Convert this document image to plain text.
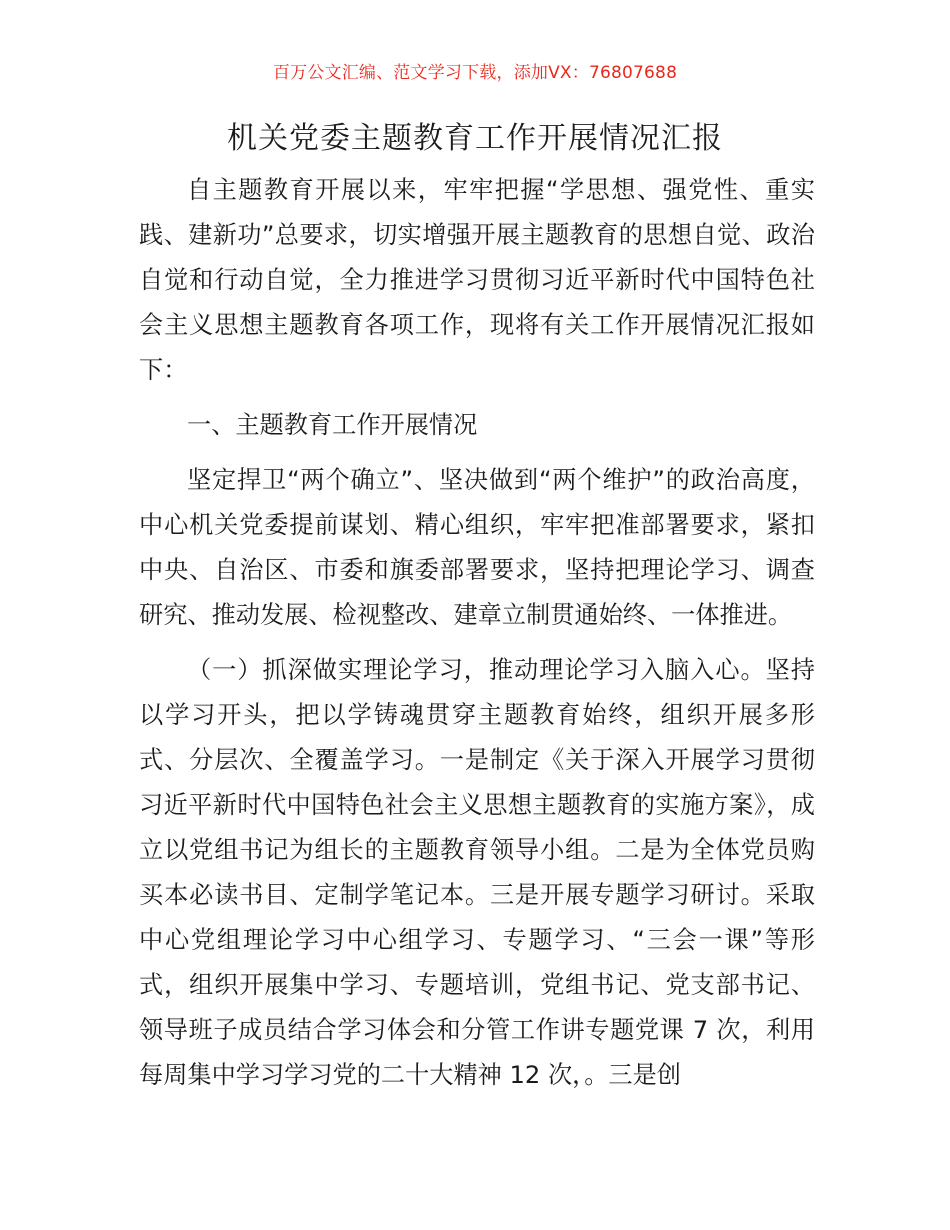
百万公文汇编、范文学习下载，添加VX：76807688
机关党委主题教育工作开展情况汇报

自主题教育开展以来，牢牢把握“学思想、强党性、重实践、建新功”总要求，切实增强开展主题教育的思想自觉、政治自觉和行动自觉，全力推进学习贯彻习近平新时代中国特色社会主义思想主题教育各项工作，现将有关工作开展情况汇报如下：

一、主题教育工作开展情况

坚定捍卫“两个确立”、坚决做到“两个维护”的政治高度，中心机关党委提前谋划、精心组织，牢牢把准部署要求，紧扣中央、自治区、市委和旗委部署要求，坚持把理论学习、调查研究、推动发展、检视整改、建章立制贯通始终、一体推进。

（一）抓深做实理论学习，推动理论学习入脑入心。坚持以学习开头，把以学铸魂贯穿主题教育始终，组织开展多形式、分层次、全覆盖学习。一是制定《关于深入开展学习贯彻习近平新时代中国特色社会主义思想主题教育的实施方案》，成立以党组书记为组长的主题教育领导小组。二是为全体党员购买本必读书目、定制学笔记本。三是开展专题学习研讨。采取中心党组理论学习中心组学习、专题学习、“三会一课”等形式，组织开展集中学习、专题培训，党组书记、党支部书记、领导班子成员结合学习体会和分管工作讲专题党课 7 次，利用每周集中学习学习党的二十大精神 12 次，。三是创
